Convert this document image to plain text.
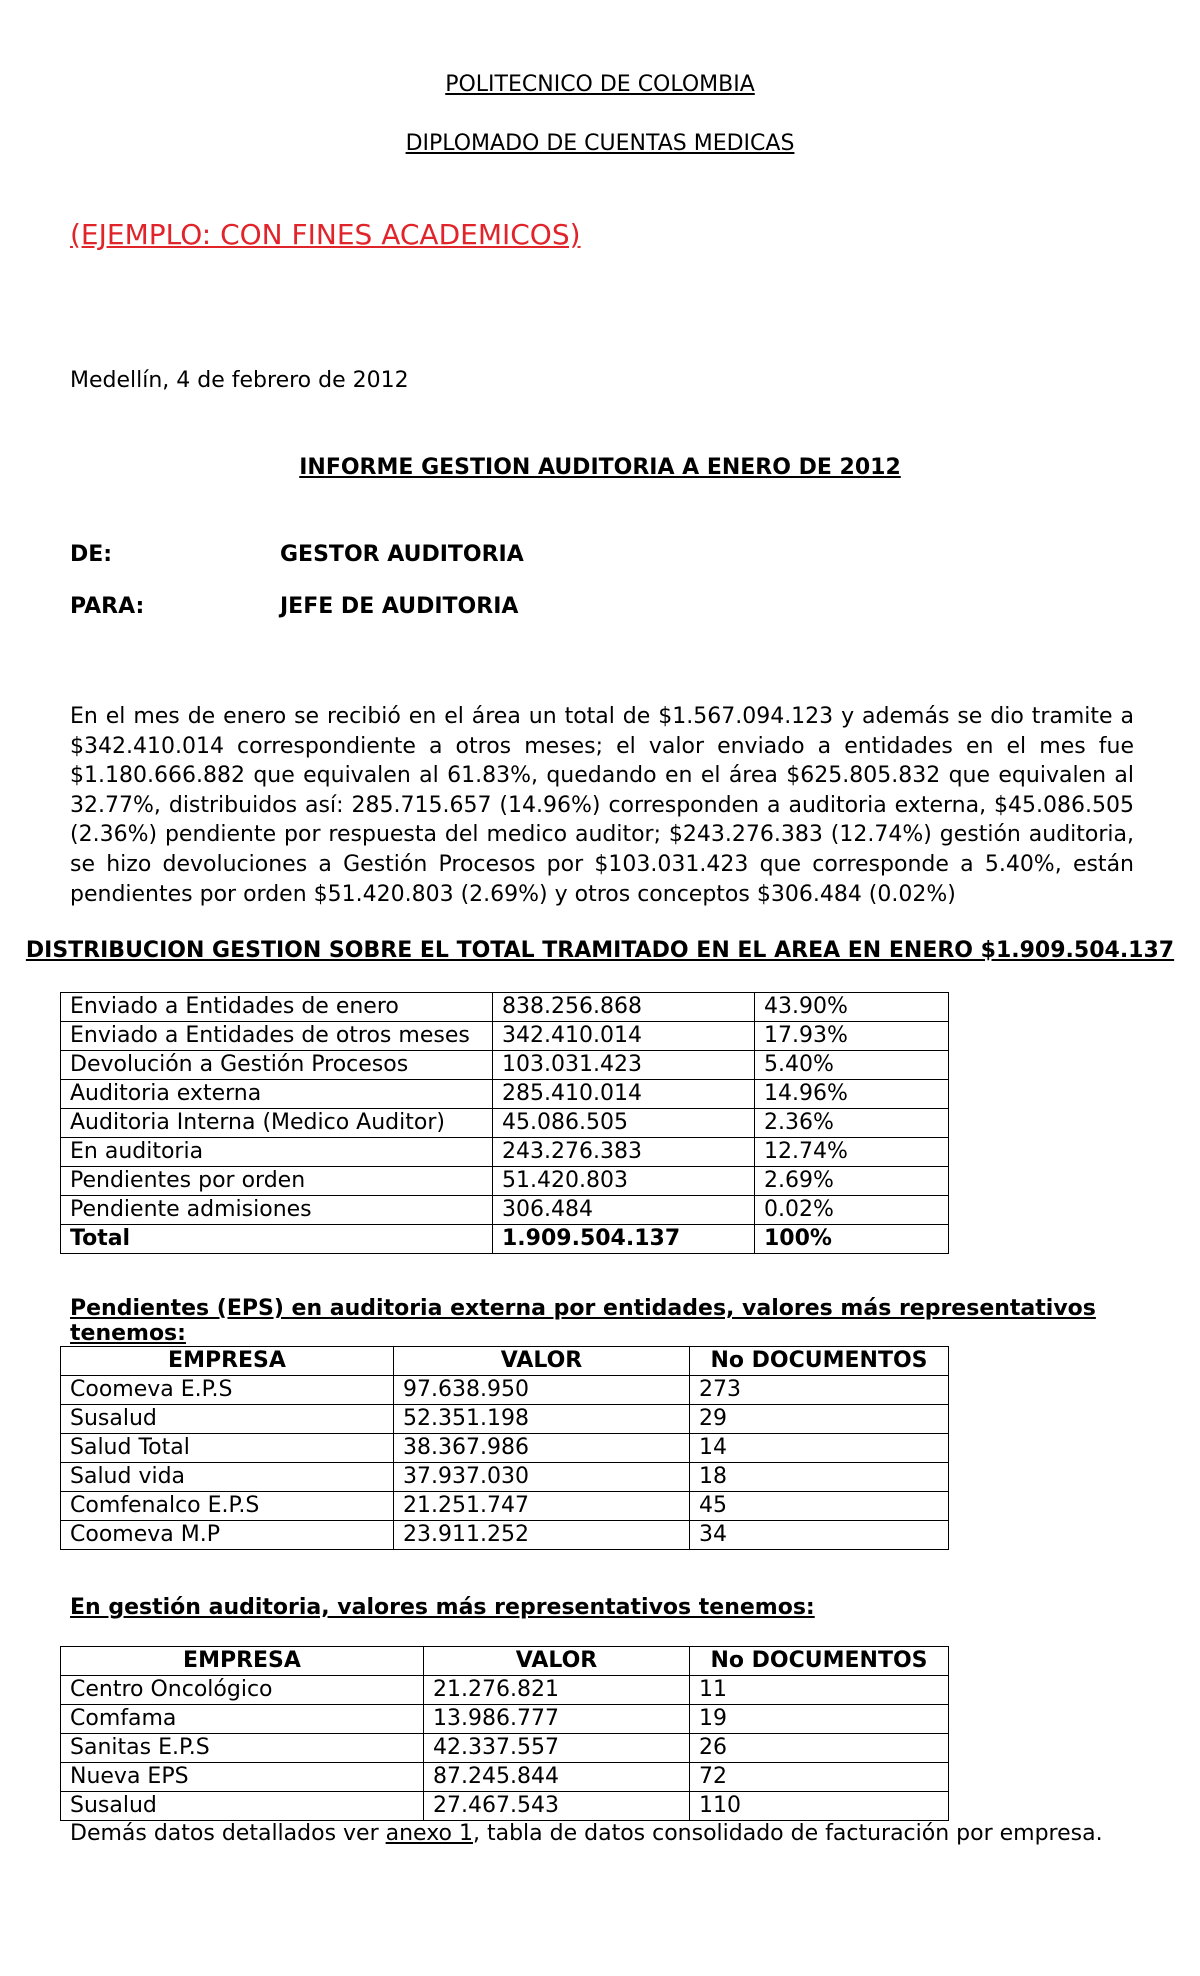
POLITECNICO DE COLOMBIA
DIPLOMADO DE CUENTAS MEDICAS
(EJEMPLO: CON FINES ACADEMICOS)
Medellín, 4 de febrero de 2012
INFORME GESTION AUDITORIA A ENERO DE 2012
DE:	GESTOR AUDITORIA
PARA:	JEFE DE AUDITORIA
En el mes de enero se recibió en el área un total de $1.567.094.123 y además se dio tramite a $342.410.014 correspondiente a otros meses; el valor enviado a entidades en el mes fue $1.180.666.882 que equivalen al 61.83%, quedando en el área $625.805.832 que equivalen al 32.77%, distribuidos así: 285.715.657 (14.96%) corresponden a auditoria externa, $45.086.505 (2.36%) pendiente por respuesta del medico auditor; $243.276.383 (12.74%) gestión auditoria, se hizo devoluciones a Gestión Procesos por $103.031.423 que corresponde a 5.40%, están pendientes por orden $51.420.803 (2.69%) y otros conceptos $306.484 (0.02%)
DISTRIBUCION GESTION SOBRE EL TOTAL TRAMITADO EN EL AREA EN ENERO $1.909.504.137
Enviado a Entidades de enero	838.256.868	43.90%
Enviado a Entidades de otros meses	342.410.014	17.93%
Devolución a Gestión Procesos	103.031.423	5.40%
Auditoria externa	285.410.014	14.96%
Auditoria Interna (Medico Auditor)	45.086.505	2.36%
En auditoria	243.276.383	12.74%
Pendientes por orden	51.420.803	2.69%
Pendiente admisiones	306.484	0.02%
Total	1.909.504.137	100%
Pendientes (EPS) en auditoria externa por entidades, valores más representativos tenemos:
EMPRESA	VALOR	No DOCUMENTOS
Coomeva E.P.S	97.638.950	273
Susalud	52.351.198	29
Salud Total	38.367.986	14
Salud vida	37.937.030	18
Comfenalco E.P.S	21.251.747	45
Coomeva M.P	23.911.252	34
En gestión auditoria, valores más representativos tenemos:
EMPRESA	VALOR	No DOCUMENTOS
Centro Oncológico	21.276.821	11
Comfama	13.986.777	19
Sanitas E.P.S	42.337.557	26
Nueva EPS	87.245.844	72
Susalud	27.467.543	110
Demás datos detallados ver anexo 1, tabla de datos consolidado de facturación por empresa.
